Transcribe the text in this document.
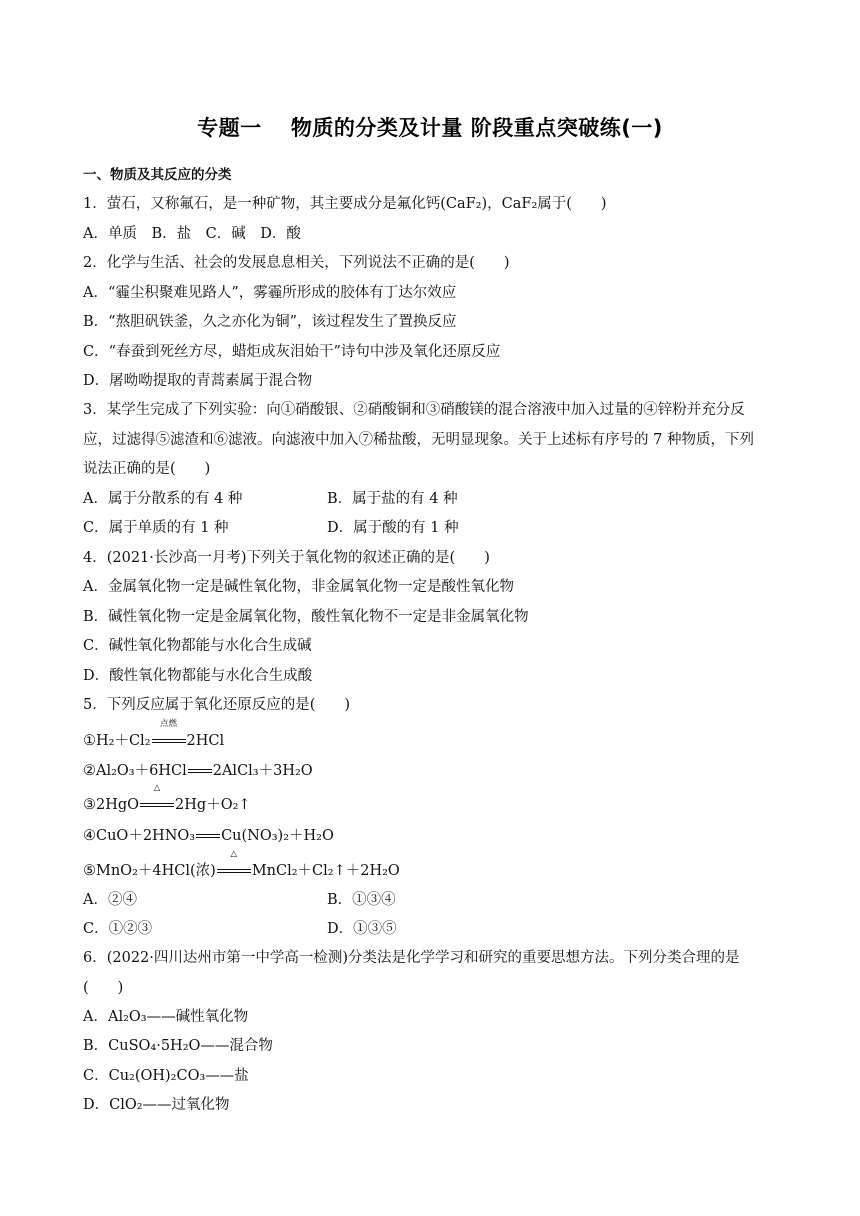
专题一　 物质的分类及计量 阶段重点突破练(一)
一、物质及其反应的分类
1．萤石，又称氟石，是一种矿物，其主要成分是氟化钙(CaF₂)，CaF₂属于(　　)
A．单质　B．盐　C．碱　D．酸
2．化学与生活、社会的发展息息相关，下列说法不正确的是(　　)
A．“霾尘积聚难见路人”，雾霾所形成的胶体有丁达尔效应
B．“熬胆矾铁釜，久之亦化为铜”，该过程发生了置换反应
C．“春蚕到死丝方尽，蜡炬成灰泪始干”诗句中涉及氧化还原反应
D．屠呦呦提取的青蒿素属于混合物
3．某学生完成了下列实验：向①硝酸银、②硝酸铜和③硝酸镁的混合溶液中加入过量的④锌粉并充分反
应，过滤得⑤滤渣和⑥滤液。向滤液中加入⑦稀盐酸，无明显现象。关于上述标有序号的 7 种物质，下列
说法正确的是(　　)
A．属于分散系的有 4 种	B．属于盐的有 4 种
C．属于单质的有 1 种	D．属于酸的有 1 种
4．(2021·长沙高一月考)下列关于氧化物的叙述正确的是(　　)
A．金属氧化物一定是碱性氧化物，非金属氧化物一定是酸性氧化物
B．碱性氧化物一定是金属氧化物，酸性氧化物不一定是非金属氧化物
C．碱性氧化物都能与水化合生成碱
D．酸性氧化物都能与水化合生成酸
5．下列反应属于氧化还原反应的是(　　)
①H₂＋Cl₂
点燃
2HCl
②Al₂O₃＋6HCl 2AlCl₃＋3H₂O
③2HgO
△
2Hg＋O₂↑
④CuO＋2HNO₃ Cu(NO₃)₂＋H₂O
⑤MnO₂＋4HCl(浓)
△
MnCl₂＋Cl₂↑＋2H₂O
A．②④	B．①③④
C．①②③	D．①③⑤
6．(2022·四川达州市第一中学高一检测)分类法是化学学习和研究的重要思想方法。下列分类合理的是
(　　)
A．Al₂O₃——碱性氧化物
B．CuSO₄·5H₂O——混合物
C．Cu₂(OH)₂CO₃——盐
D．ClO₂——过氧化物
